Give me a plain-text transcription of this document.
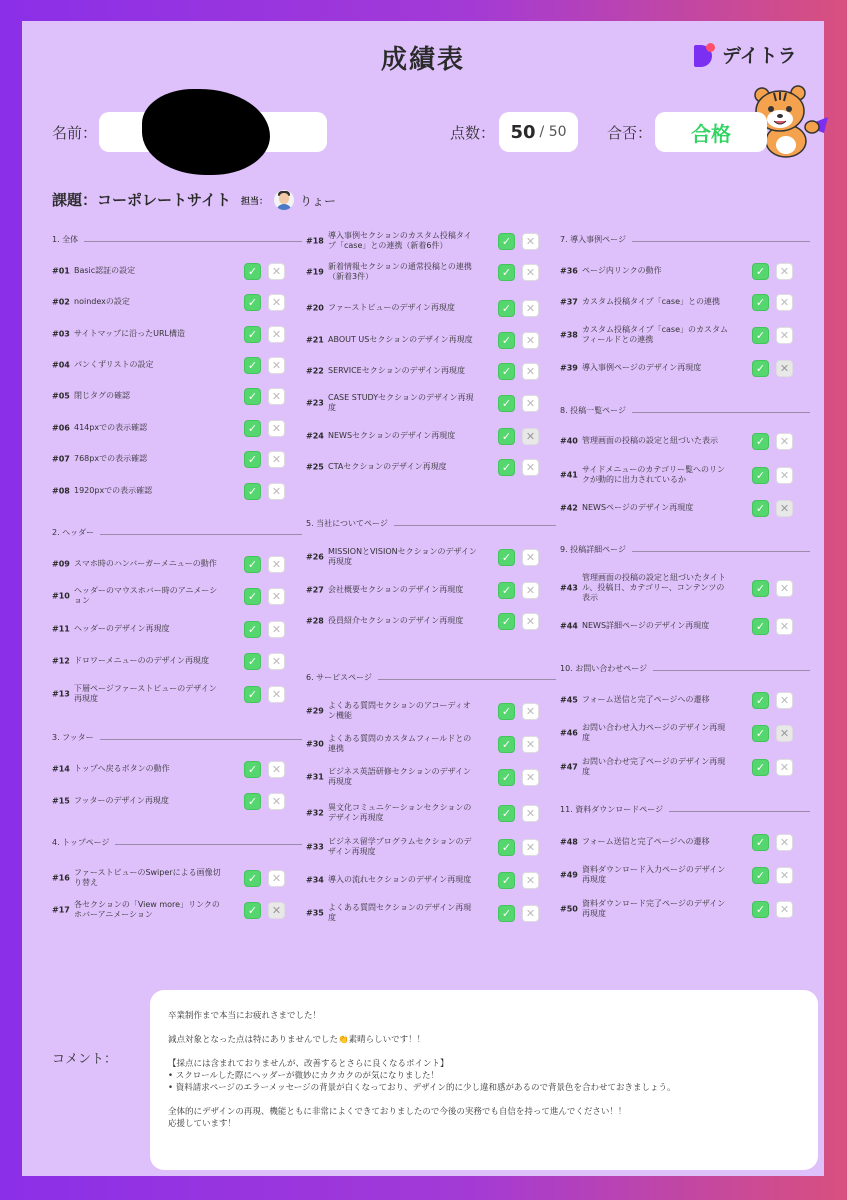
成績表	デイトラ
名前：	点数： 50 / 50	合否：	合格
課題：コーポレートサイト 担当：	りょー
1. 全体
#01 Basic認証の設定	✓	✕
#02 noindexの設定	✓	✕
#03 サイトマップに沿ったURL構造	✓	✕
#04 パンくずリストの設定	✓	✕
#05 閉じタグの確認	✓	✕
#06 414pxでの表示確認	✓	✕
#07 768pxでの表示確認	✓	✕
#08 1920pxでの表示確認	✓	✕
2. ヘッダー
#09 スマホ時のハンバーガーメニューの動作	✓	✕
#10
ヘッダーのマウスホバー時のアニメーション	✓	✕
#11 ヘッダーのデザイン再現度	✓	✕
#12 ドロワーメニューののデザイン再現度	✓	✕
#13
下層ページファーストビューのデザイン再現度	✓	✕
3. フッター
#14 トップへ戻るボタンの動作	✓	✕
#15 フッターのデザイン再現度	✓	✕
4. トップページ
#16
ファーストビューのSwiperによる画像切り替え	✓	✕
#17
各セクションの「View more」リンクのホバーアニメーション	✓	✕
#18
導入事例セクションのカスタム投稿タイプ「case」との連携（新着6件）	✓	✕
#19
新着情報セクションの通常投稿との連携（新着3件）	✓	✕
#20 ファーストビューのデザイン再現度	✓	✕
#21 ABOUT USセクションのデザイン再現度	✓	✕
#22 SERVICEセクションのデザイン再現度	✓	✕
#23
CASE STUDYセクションのデザイン再現度	✓	✕
#24 NEWSセクションのデザイン再現度	✓	✕
#25 CTAセクションのデザイン再現度	✓	✕
5. 当社についてページ
#26
MISSIONとVISIONセクションのデザイン再現度	✓	✕
#27 会社概要セクションのデザイン再現度	✓	✕
#28 役員紹介セクションのデザイン再現度	✓	✕
6. サービスページ
#29
よくある質問セクションのアコーディオン機能	✓	✕
#30
よくある質問のカスタムフィールドとの連携	✓	✕
#31
ビジネス英語研修セクションのデザイン再現度	✓	✕
#32
異文化コミュニケーションセクションのデザイン再現度	✓	✕
#33
ビジネス留学プログラムセクションのデザイン再現度	✓	✕
#34 導入の流れセクションのデザイン再現度	✓	✕
#35
よくある質問セクションのデザイン再現度	✓	✕
7. 導入事例ページ
#36 ページ内リンクの動作	✓	✕
#37 カスタム投稿タイプ「case」との連携	✓	✕
#38
カスタム投稿タイプ「case」のカスタムフィールドとの連携	✓	✕
#39 導入事例ページのデザイン再現度	✓	✕
8. 投稿一覧ページ
#40 管理画面の投稿の設定と紐づいた表示	✓	✕
#41
サイドメニューのカテゴリー覧へのリンクが動的に出力されているか	✓	✕
#42 NEWSページのデザイン再現度	✓	✕
9. 投稿詳細ページ
#43
管理画面の投稿の設定と紐づいたタイトル、投稿日、カテゴリー、コンテンツの表示
✓	✕
#44 NEWS詳細ページのデザイン再現度	✓	✕
10. お問い合わせページ
#45 フォーム送信と完了ページへの遷移	✓	✕
#46
お問い合わせ入力ページのデザイン再現度	✓	✕
#47
お問い合わせ完了ページのデザイン再現度	✓	✕
11. 資料ダウンロードページ
#48 フォーム送信と完了ページへの遷移	✓	✕
#49
資料ダウンロード入力ページのデザイン再現度	✓	✕
#50
資料ダウンロード完了ページのデザイン再現度	✓	✕
コメント：

卒業制作まで本当にお疲れさまでした！

減点対象となった点は特にありませんでした👏素晴らしいです！！

【採点には含まれておりませんが、改善するとさらに良くなるポイント】

• スクロールした際にヘッダーが微妙にカクカクのが気になりました！

• 資料請求ページのエラーメッセージの背景が白くなっており、デザイン的に少し違和感があるので背景色を合わせておきましょう。

全体的にデザインの再現、機能ともに非常によくできておりましたので今後の実務でも自信を持って進んでください！！

応援しています！
